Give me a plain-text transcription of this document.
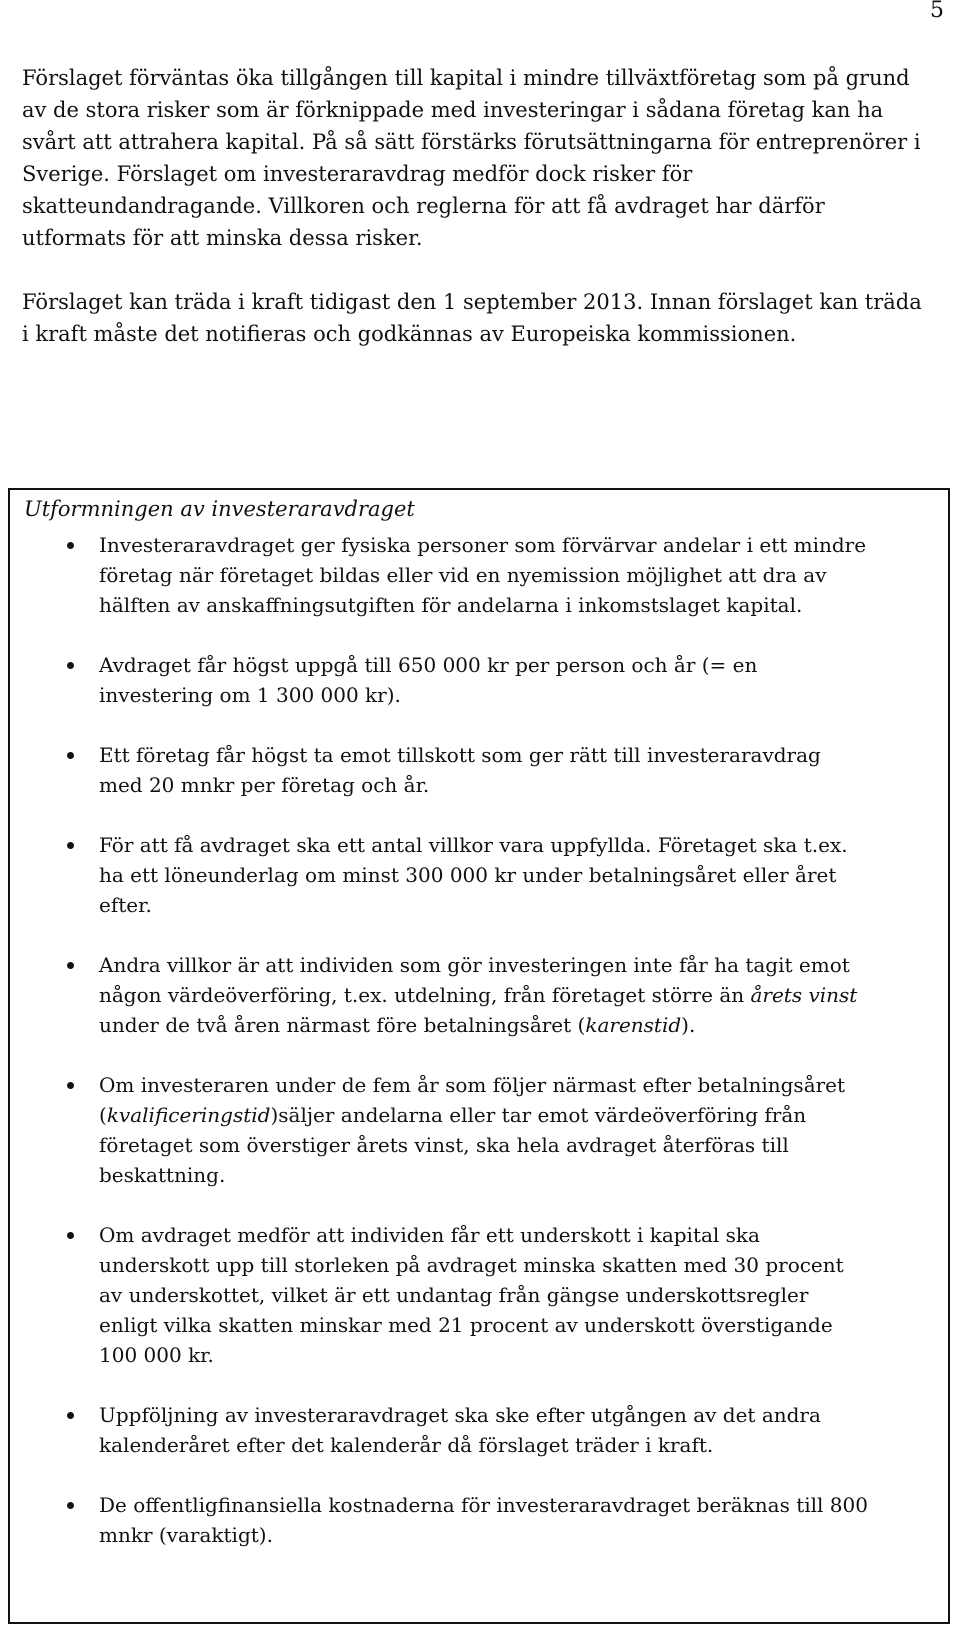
5

Förslaget förväntas öka tillgången till kapital i mindre tillväxtföretag som på grund av de stora risker som är förknippade med investeringar i sådana företag kan ha svårt att attrahera kapital. På så sätt förstärks förutsättningarna för entreprenörer i Sverige. Förslaget om investeraravdrag medför dock risker för skatteundandragande. Villkoren och reglerna för att få avdraget har därför utformats för att minska dessa risker.

Förslaget kan träda i kraft tidigast den 1 september 2013. Innan förslaget kan träda i kraft måste det notifieras och godkännas av Europeiska kommissionen.

Utformningen av investeraravdraget
Investeraravdraget ger fysiska personer som förvärvar andelar i ett mindre företag när företaget bildas eller vid en nyemission möjlighet att dra av hälften av anskaffningsutgiften för andelarna i inkomstslaget kapital.
Avdraget får högst uppgå till 650 000 kr per person och år (= en investering om 1 300 000 kr).
Ett företag får högst ta emot tillskott som ger rätt till investeraravdrag med 20 mnkr per företag och år.
För att få avdraget ska ett antal villkor vara uppfyllda. Företaget ska t.ex. ha ett löneunderlag om minst 300 000 kr under betalningsåret eller året efter.
Andra villkor är att individen som gör investeringen inte får ha tagit emot någon värdeöverföring, t.ex. utdelning, från företaget större än årets vinst under de två åren närmast före betalningsåret (karenstid).
Om investeraren under de fem år som följer närmast efter betalningsåret (kvalificeringstid)säljer andelarna eller tar emot värdeöverföring från företaget som överstiger årets vinst, ska hela avdraget återföras till beskattning.
Om avdraget medför att individen får ett underskott i kapital ska underskott upp till storleken på avdraget minska skatten med 30 procent av underskottet, vilket är ett undantag från gängse underskottsregler enligt vilka skatten minskar med 21 procent av underskott överstigande 100 000 kr.
Uppföljning av investeraravdraget ska ske efter utgången av det andra kalenderåret efter det kalenderår då förslaget träder i kraft.
De offentligfinansiella kostnaderna för investeraravdraget beräknas till 800 mnkr (varaktigt).
